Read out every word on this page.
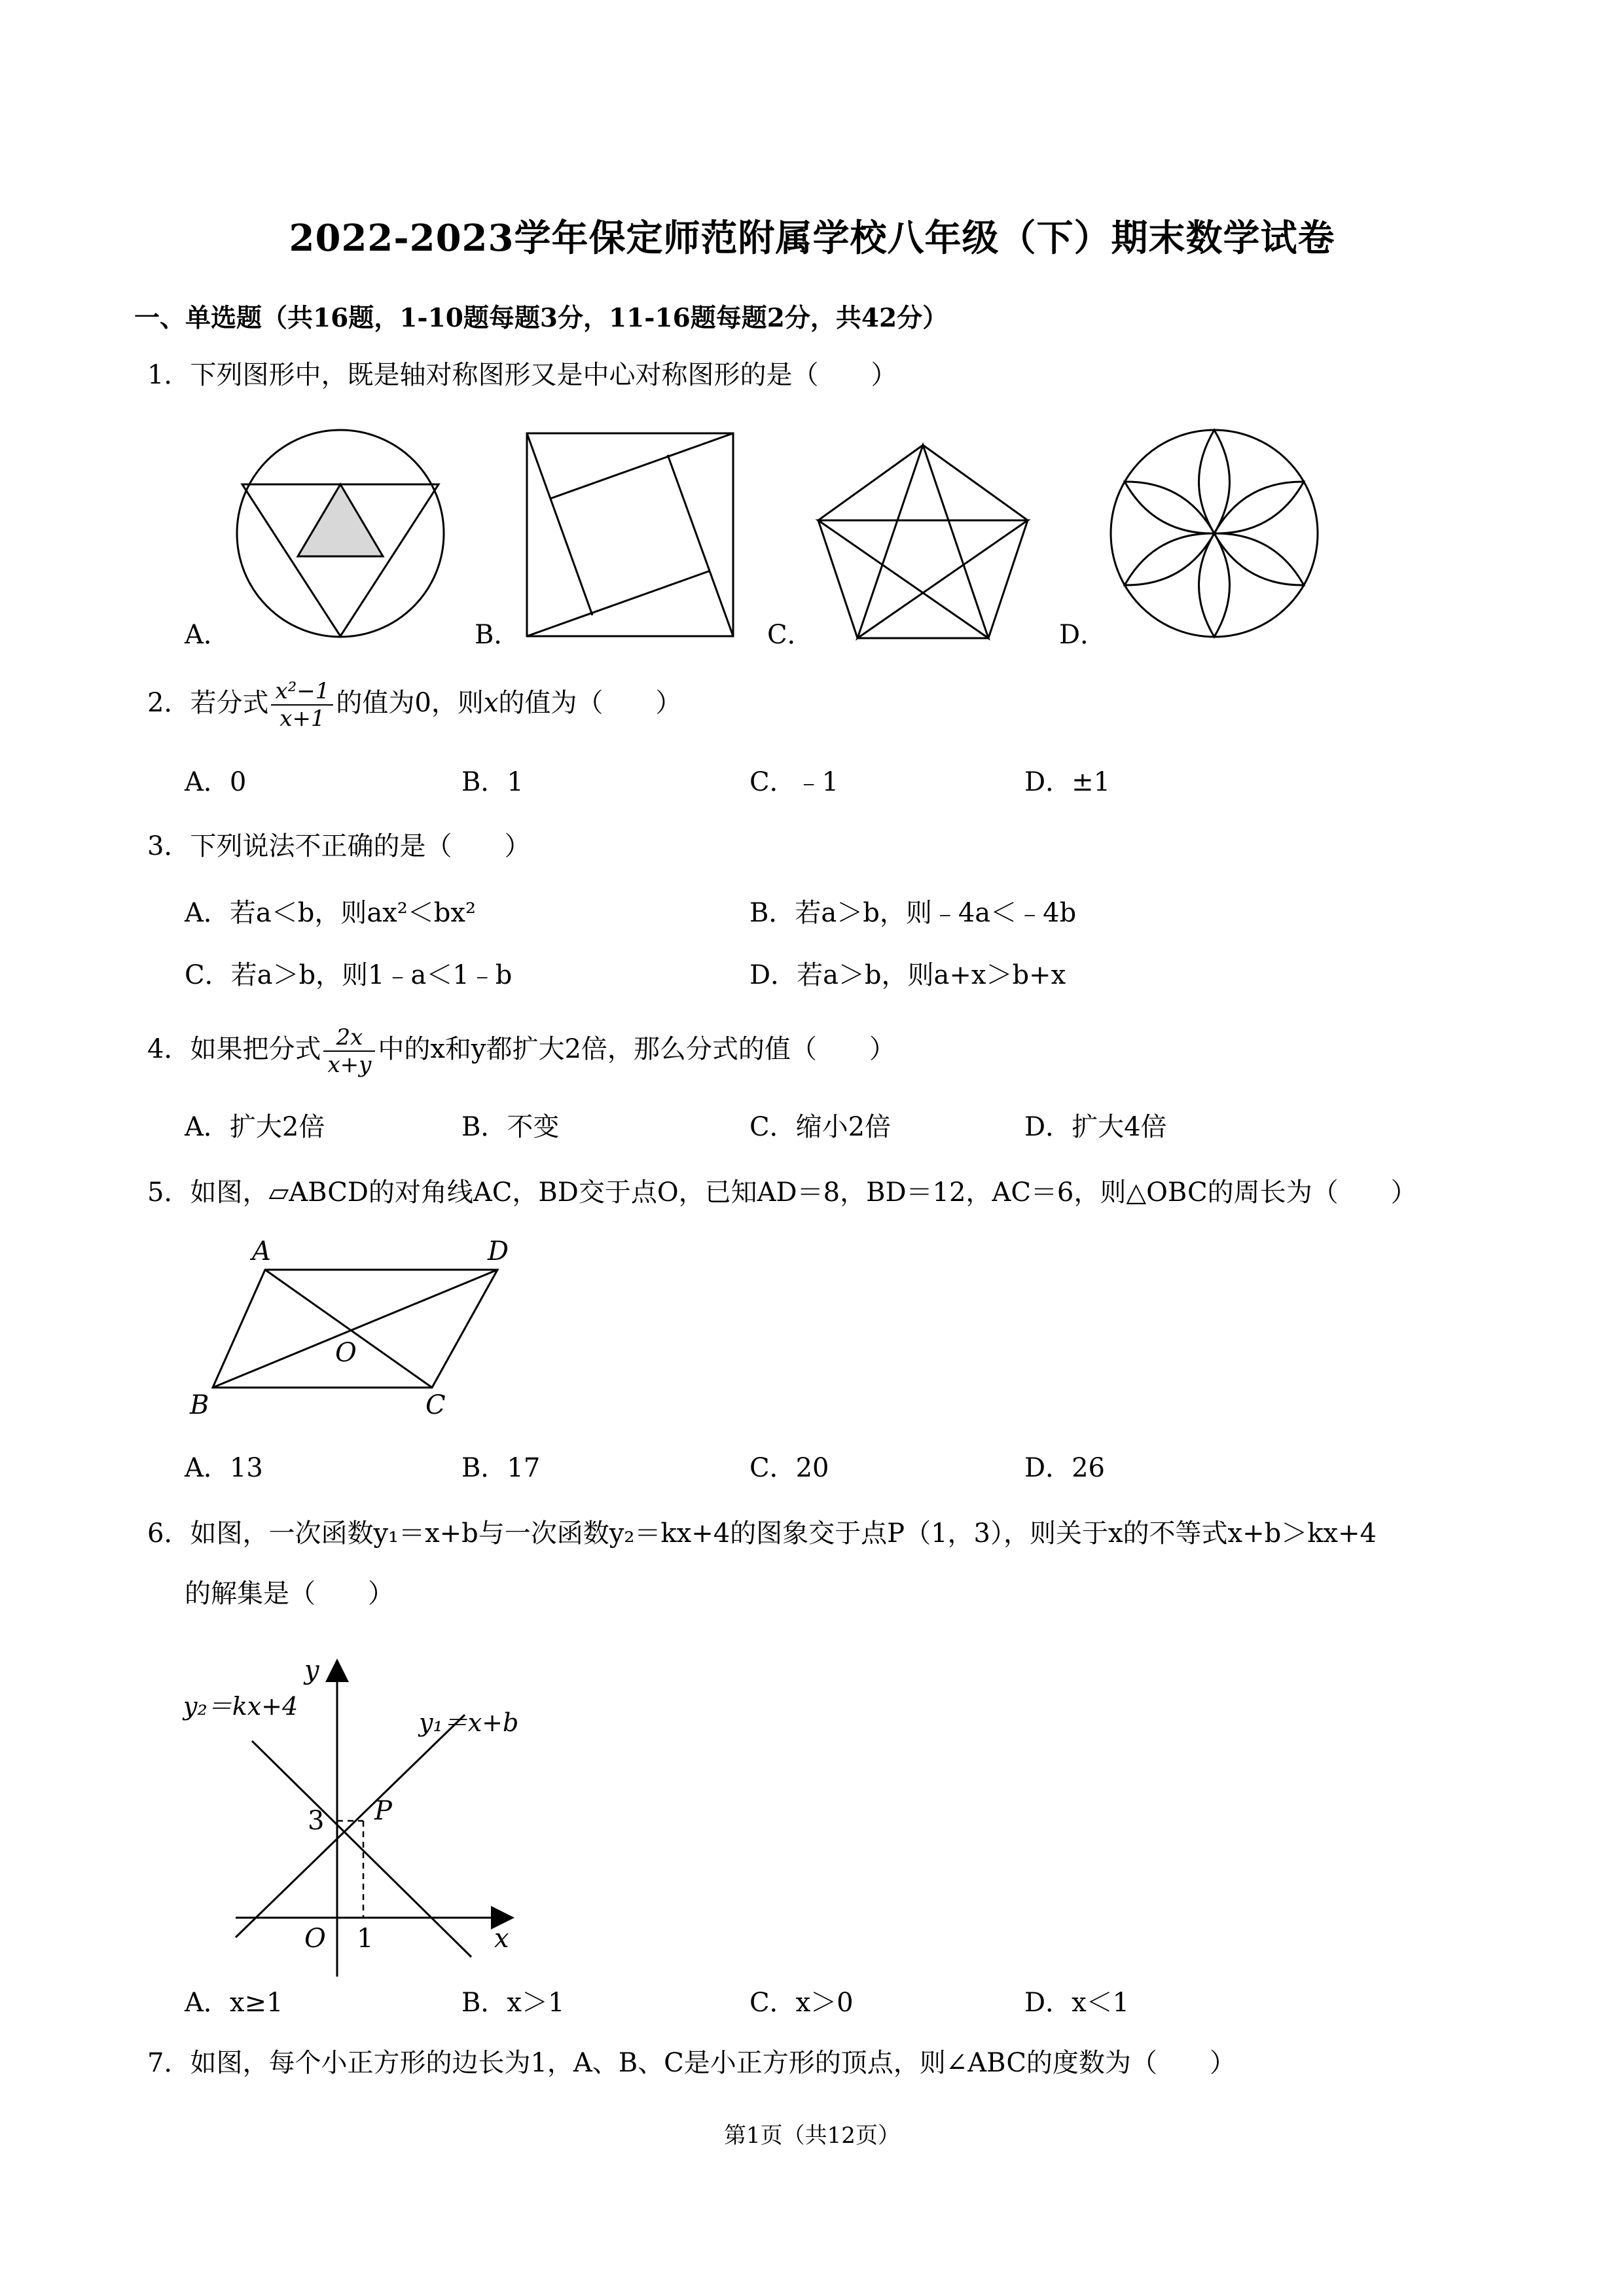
2022-2023学年保定师范附属学校八年级（下）期末数学试卷
一、单选题（共16题，1-10题每题3分，11-16题每题2分，共42分）
1．下列图形中，既是轴对称图形又是中心对称图形的是（　　）
A．	B．	C．	D．
2．若分式 $\frac{\text{x²−1}}{x+1}$ 的值为0，则x的值为（　　）
A．0	B．1	C．﹣1	D．±1
3．下列说法不正确的是（　　）
A．若a＜b，则ax²＜bx²	B．若a＞b，则﹣4a＜﹣4b
C．若a＞b，则1﹣a＜1﹣b	D．若a＞b，则a+x＞b+x
4．如果把分式 $\frac{2x}{x+y}$ 中的x和y都扩大2倍，那么分式的值（　　）
A．扩大2倍	B．不变	C．缩小2倍	D．扩大4倍
5．如图，▱ABCD的对角线AC，BD交于点O，已知AD＝8，BD＝12，AC＝6，则△OBC的周长为（　　）
A	D
O
B	C
A．13	B．17	C．20	D．26
6．如图，一次函数y₁＝x+b与一次函数y₂＝kx+4的图象交于点P（1，3），则关于x的不等式x+b＞kx+4
的解集是（　　）
y
x
y₂＝kx+4
y₁＝x+b
3 P
O 1
A．x≥1	B．x＞1	C．x＞0	D．x＜1
7．如图，每个小正方形的边长为1，A、B、C是小正方形的顶点，则∠ABC的度数为（　　）
第1页（共12页）
